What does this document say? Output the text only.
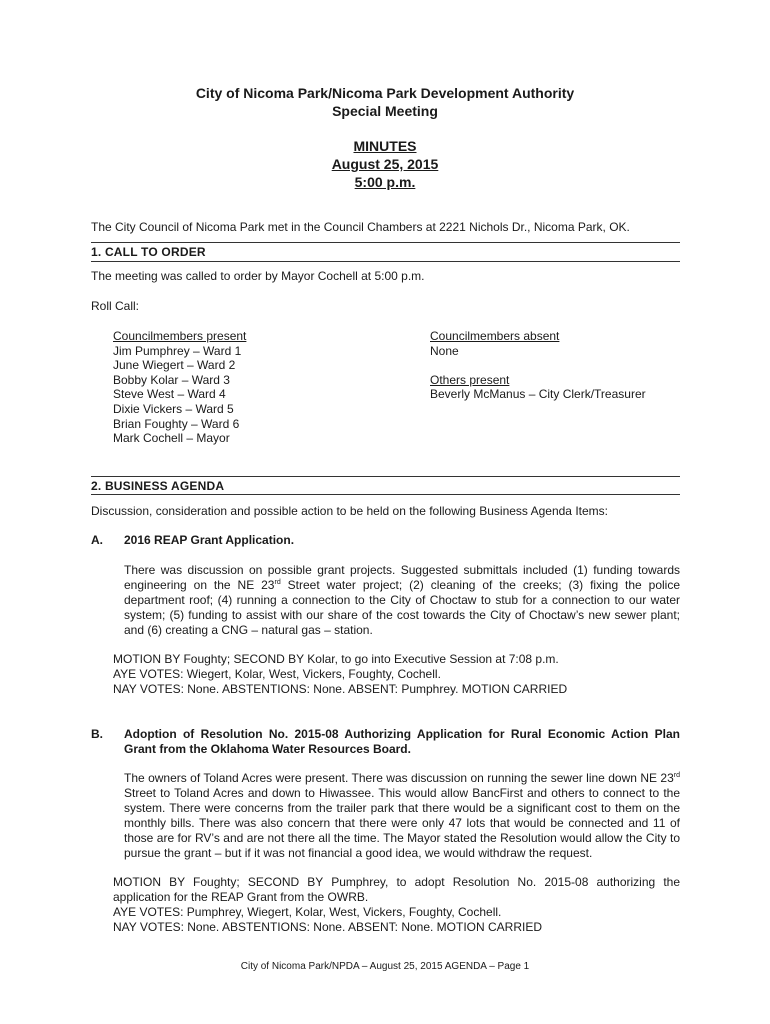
City of Nicoma Park/Nicoma Park Development Authority
Special Meeting
MINUTES
August 25, 2015
5:00 p.m.
The City Council of Nicoma Park met in the Council Chambers at 2221 Nichols Dr., Nicoma Park, OK.
1. CALL TO ORDER
The meeting was called to order by Mayor Cochell at 5:00 p.m.
Roll Call:
Councilmembers present
Jim Pumphrey – Ward 1
June Wiegert – Ward 2
Bobby Kolar – Ward 3
Steve West – Ward 4
Dixie Vickers – Ward 5
Brian Foughty – Ward 6
Mark Cochell – Mayor
Councilmembers absent
None
Others present
Beverly McManus – City Clerk/Treasurer
2. BUSINESS AGENDA
Discussion, consideration and possible action to be held on the following Business Agenda Items:
A. 2016 REAP Grant Application.
There was discussion on possible grant projects. Suggested submittals included (1) funding towards engineering on the NE 23rd Street water project; (2) cleaning of the creeks; (3) fixing the police department roof; (4) running a connection to the City of Choctaw to stub for a connection to our water system; (5) funding to assist with our share of the cost towards the City of Choctaw’s new sewer plant; and (6) creating a CNG – natural gas – station.
MOTION BY Foughty; SECOND BY Kolar, to go into Executive Session at 7:08 p.m.
AYE VOTES: Wiegert, Kolar, West, Vickers, Foughty, Cochell.
NAY VOTES: None. ABSTENTIONS: None. ABSENT: Pumphrey. MOTION CARRIED
B. Adoption of Resolution No. 2015-08 Authorizing Application for Rural Economic Action Plan Grant from the Oklahoma Water Resources Board.
The owners of Toland Acres were present. There was discussion on running the sewer line down NE 23rd Street to Toland Acres and down to Hiwassee. This would allow BancFirst and others to connect to the system. There were concerns from the trailer park that there would be a significant cost to them on the monthly bills. There was also concern that there were only 47 lots that would be connected and 11 of those are for RV’s and are not there all the time. The Mayor stated the Resolution would allow the City to pursue the grant – but if it was not financial a good idea, we would withdraw the request.
MOTION BY Foughty; SECOND BY Pumphrey, to adopt Resolution No. 2015-08 authorizing the application for the REAP Grant from the OWRB.
AYE VOTES: Pumphrey, Wiegert, Kolar, West, Vickers, Foughty, Cochell.
NAY VOTES: None. ABSTENTIONS: None. ABSENT: None. MOTION CARRIED
City of Nicoma Park/NPDA – August 25, 2015 AGENDA – Page 1
